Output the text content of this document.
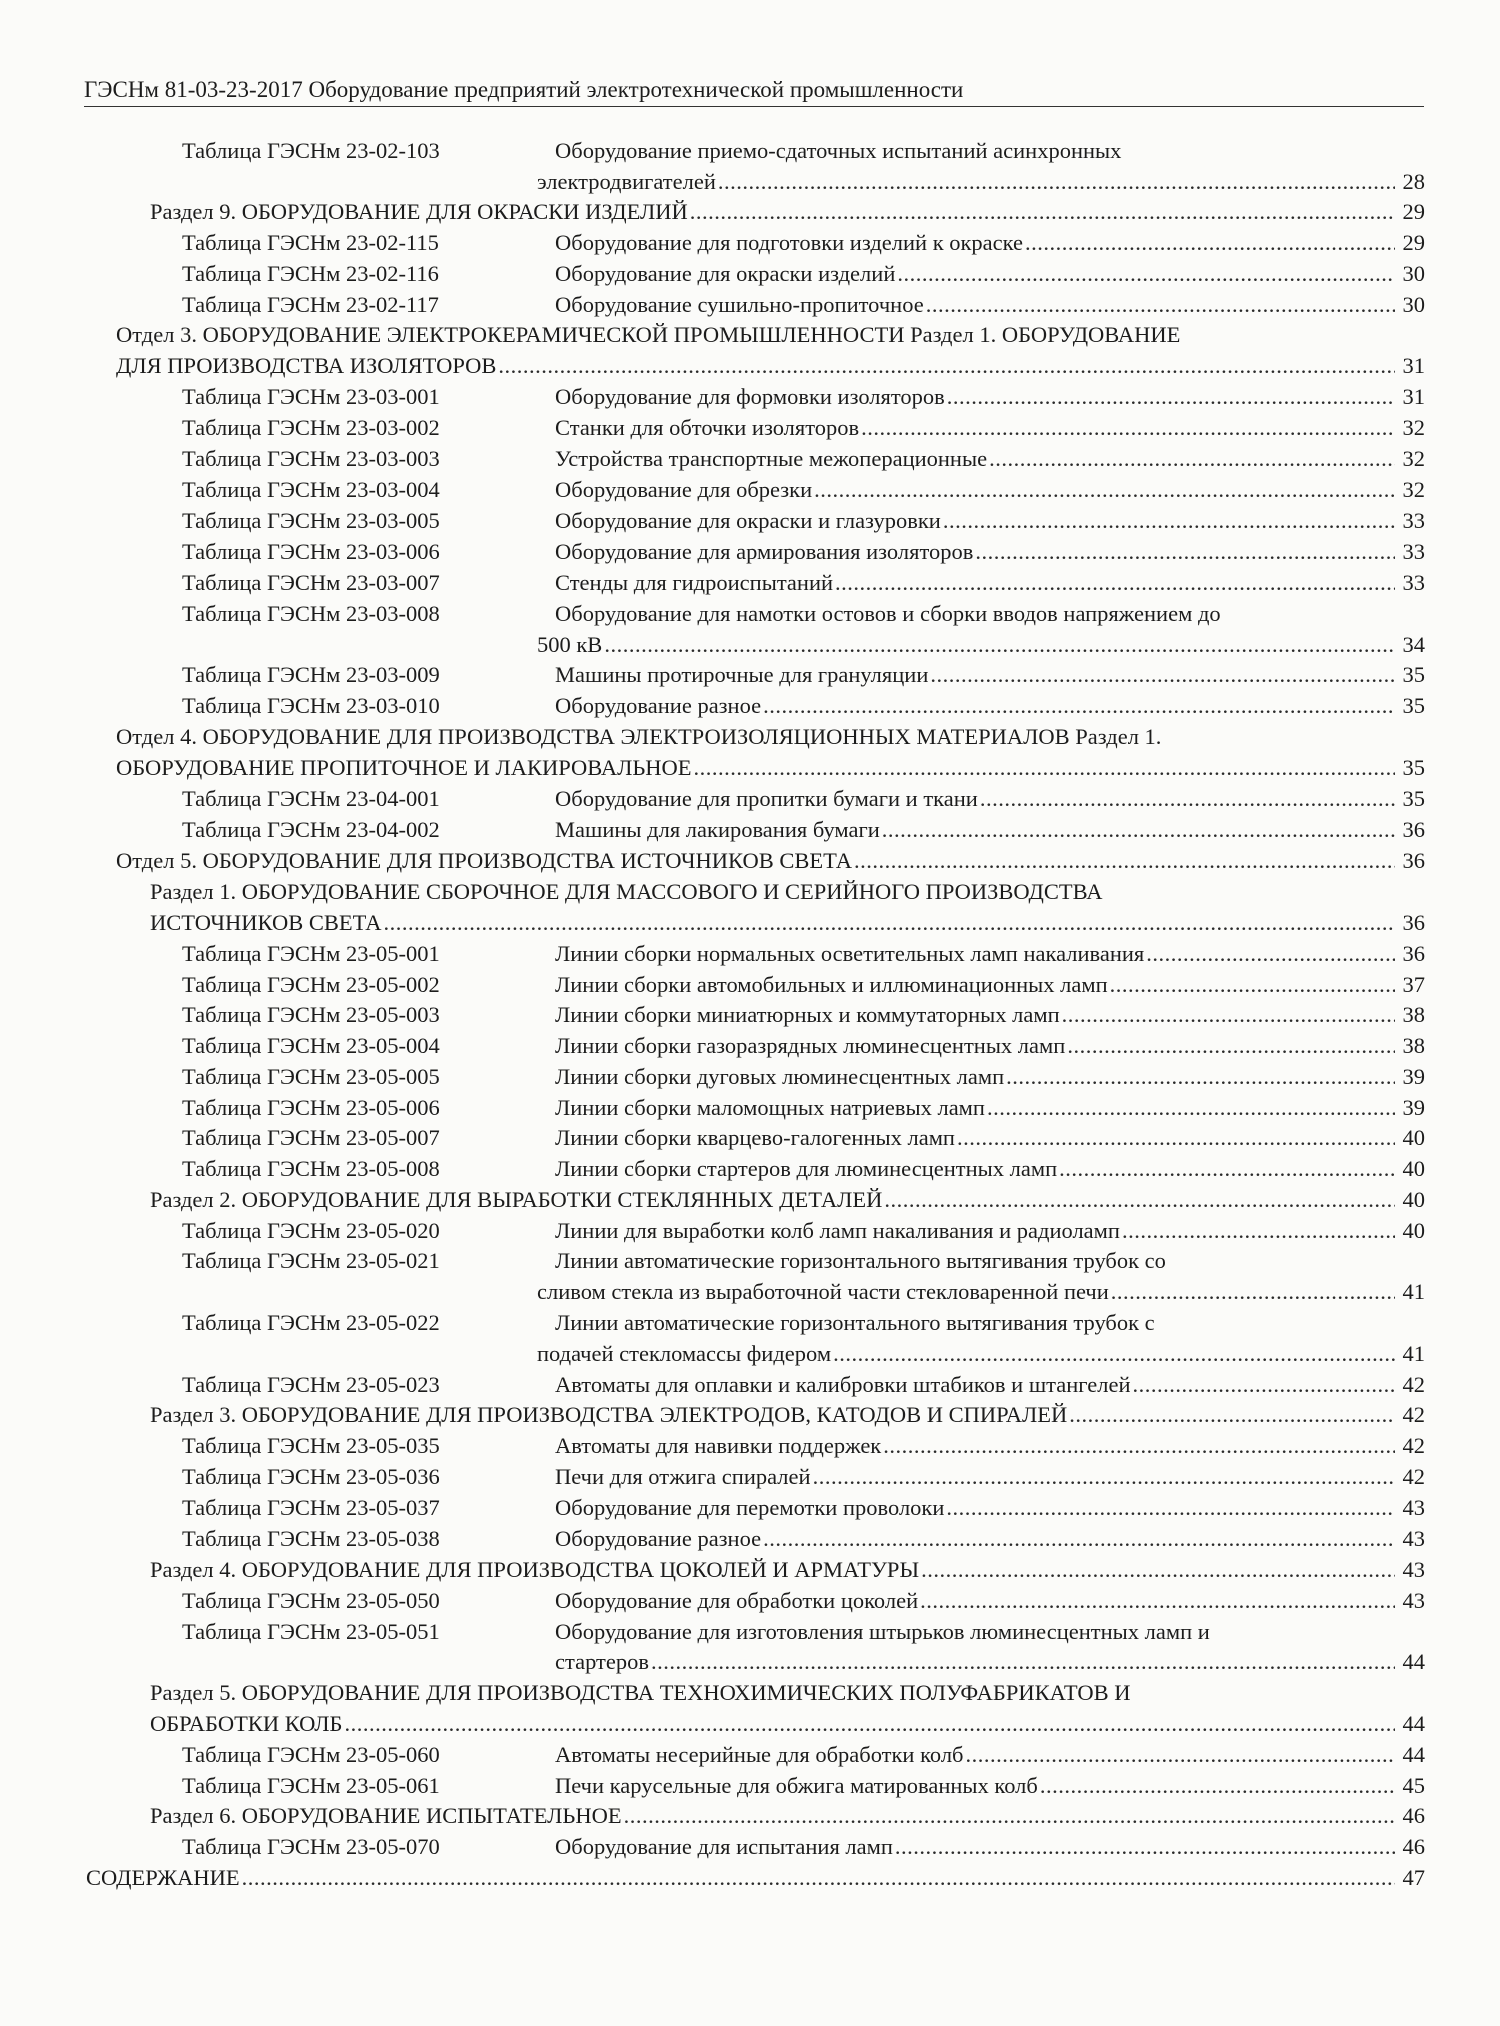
ГЭСНм 81-03-23-2017 Оборудование предприятий электротехнической промышленности
Таблица ГЭСНм 23-02-103	Оборудование приемо-сдаточных испытаний асинхронных
электродвигателей .....	28
Раздел 9. ОБОРУДОВАНИЕ ДЛЯ ОКРАСКИ ИЗДЕЛИЙ .....	29
Таблица ГЭСНм 23-02-115	Оборудование для подготовки изделий к окраске .....	29
Таблица ГЭСНм 23-02-116	Оборудование для окраски изделий .....	30
Таблица ГЭСНм 23-02-117	Оборудование сушильно-пропиточное .....	30
Отдел 3. ОБОРУДОВАНИЕ ЭЛЕКТРОКЕРАМИЧЕСКОЙ ПРОМЫШЛЕННОСТИ Раздел 1. ОБОРУДОВАНИЕ
ДЛЯ ПРОИЗВОДСТВА ИЗОЛЯТОРОВ .....	31
Таблица ГЭСНм 23-03-001	Оборудование для формовки изоляторов .....	31
Таблица ГЭСНм 23-03-002	Станки для обточки изоляторов .....	32
Таблица ГЭСНм 23-03-003	Устройства транспортные межоперационные .....	32
Таблица ГЭСНм 23-03-004	Оборудование для обрезки .....	32
Таблица ГЭСНм 23-03-005	Оборудование для окраски и глазуровки .....	33
Таблица ГЭСНм 23-03-006	Оборудование для армирования изоляторов .....	33
Таблица ГЭСНм 23-03-007	Стенды для гидроиспытаний .....	33
Таблица ГЭСНм 23-03-008	Оборудование для намотки остовов и сборки вводов напряжением до
500 кВ .....	34
Таблица ГЭСНм 23-03-009	Машины протирочные для грануляции .....	35
Таблица ГЭСНм 23-03-010	Оборудование разное .....	35
Отдел 4. ОБОРУДОВАНИЕ ДЛЯ ПРОИЗВОДСТВА ЭЛЕКТРОИЗОЛЯЦИОННЫХ МАТЕРИАЛОВ Раздел 1.
ОБОРУДОВАНИЕ ПРОПИТОЧНОЕ И ЛАКИРОВАЛЬНОЕ .....	35
Таблица ГЭСНм 23-04-001	Оборудование для пропитки бумаги и ткани .....	35
Таблица ГЭСНм 23-04-002	Машины для лакирования бумаги .....	36
Отдел 5. ОБОРУДОВАНИЕ ДЛЯ ПРОИЗВОДСТВА ИСТОЧНИКОВ СВЕТА .....	36
Раздел 1. ОБОРУДОВАНИЕ СБОРОЧНОЕ ДЛЯ МАССОВОГО И СЕРИЙНОГО ПРОИЗВОДСТВА
ИСТОЧНИКОВ СВЕТА .....	36
Таблица ГЭСНм 23-05-001	Линии сборки нормальных осветительных ламп накаливания .....	36
Таблица ГЭСНм 23-05-002	Линии сборки автомобильных и иллюминационных ламп .....	37
Таблица ГЭСНм 23-05-003	Линии сборки миниатюрных и коммутаторных ламп .....	38
Таблица ГЭСНм 23-05-004	Линии сборки газоразрядных люминесцентных ламп .....	38
Таблица ГЭСНм 23-05-005	Линии сборки дуговых люминесцентных ламп .....	39
Таблица ГЭСНм 23-05-006	Линии сборки маломощных натриевых ламп .....	39
Таблица ГЭСНм 23-05-007	Линии сборки кварцево-галогенных ламп .....	40
Таблица ГЭСНм 23-05-008	Линии сборки стартеров для люминесцентных ламп .....	40
Раздел 2. ОБОРУДОВАНИЕ ДЛЯ ВЫРАБОТКИ СТЕКЛЯННЫХ ДЕТАЛЕЙ .....	40
Таблица ГЭСНм 23-05-020	Линии для выработки колб ламп накаливания и радиоламп .....	40
Таблица ГЭСНм 23-05-021	Линии автоматические горизонтального вытягивания трубок со
сливом стекла из выработочной части стекловаренной печи .....	41
Таблица ГЭСНм 23-05-022	Линии автоматические горизонтального вытягивания трубок с
подачей стекломассы фидером .....	41
Таблица ГЭСНм 23-05-023	Автоматы для оплавки и калибровки штабиков и штангелей .....	42
Раздел 3. ОБОРУДОВАНИЕ ДЛЯ ПРОИЗВОДСТВА ЭЛЕКТРОДОВ, КАТОДОВ И СПИРАЛЕЙ .....	42
Таблица ГЭСНм 23-05-035	Автоматы для навивки поддержек .....	42
Таблица ГЭСНм 23-05-036	Печи для отжига спиралей .....	42
Таблица ГЭСНм 23-05-037	Оборудование для перемотки проволоки .....	43
Таблица ГЭСНм 23-05-038	Оборудование разное .....	43
Раздел 4. ОБОРУДОВАНИЕ ДЛЯ ПРОИЗВОДСТВА ЦОКОЛЕЙ И АРМАТУРЫ .....	43
Таблица ГЭСНм 23-05-050	Оборудование для обработки цоколей .....	43
Таблица ГЭСНм 23-05-051	Оборудование для изготовления штырьков люминесцентных ламп и
стартеров .....	44
Раздел 5. ОБОРУДОВАНИЕ ДЛЯ ПРОИЗВОДСТВА ТЕХНОХИМИЧЕСКИХ ПОЛУФАБРИКАТОВ И
ОБРАБОТКИ КОЛБ .....	44
Таблица ГЭСНм 23-05-060	Автоматы несерийные для обработки колб .....	44
Таблица ГЭСНм 23-05-061	Печи карусельные для обжига матированных колб .....	45
Раздел 6. ОБОРУДОВАНИЕ ИСПЫТАТЕЛЬНОЕ .....	46
Таблица ГЭСНм 23-05-070	Оборудование для испытания ламп .....	46
СОДЕРЖАНИЕ .....	47
